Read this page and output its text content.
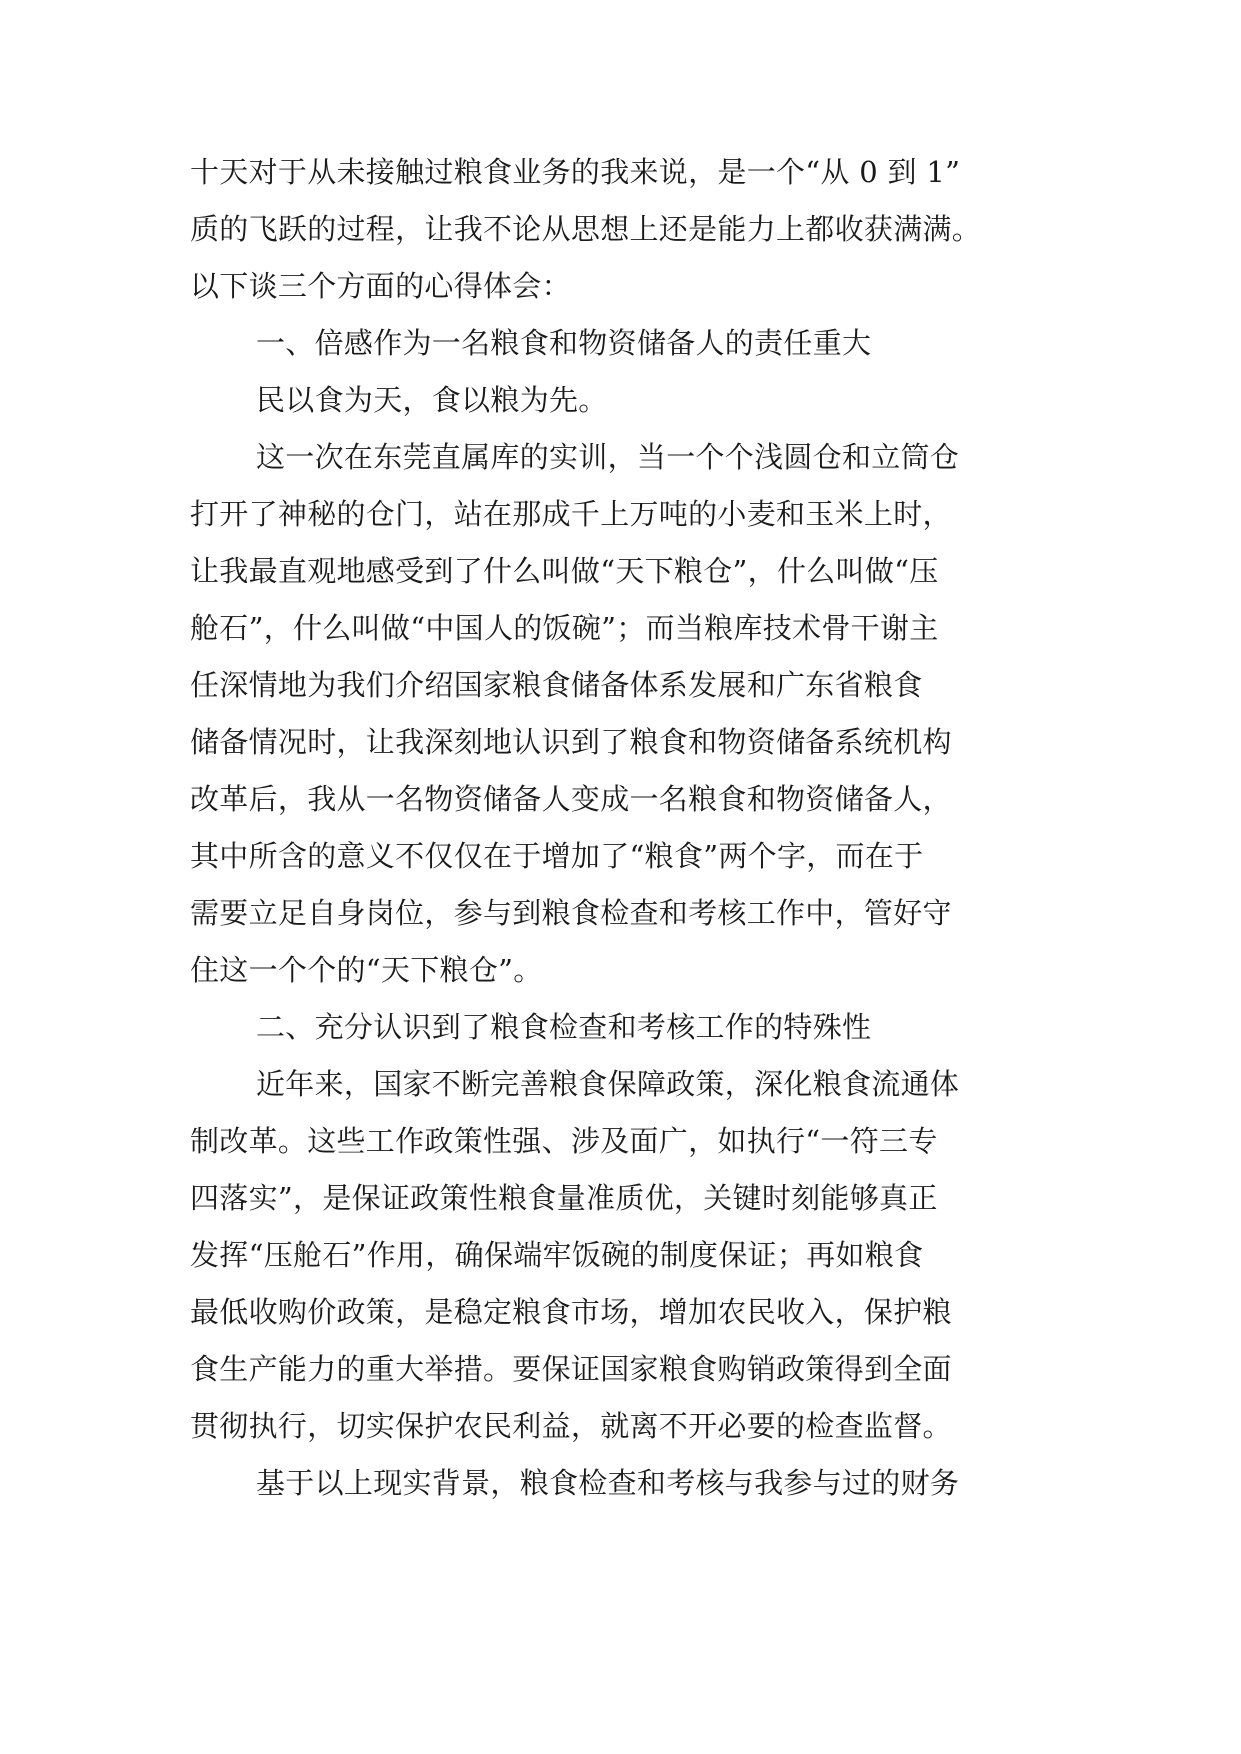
十天对于从未接触过粮食业务的我来说，是一个“从 0 到 1”
质的飞跃的过程，让我不论从思想上还是能力上都收获满满。
以下谈三个方面的心得体会：
一、倍感作为一名粮食和物资储备人的责任重大
民以食为天，食以粮为先。
这一次在东莞直属库的实训，当一个个浅圆仓和立筒仓
打开了神秘的仓门，站在那成千上万吨的小麦和玉米上时，
让我最直观地感受到了什么叫做“天下粮仓”，什么叫做“压
舱石”，什么叫做“中国人的饭碗”；而当粮库技术骨干谢主
任深情地为我们介绍国家粮食储备体系发展和广东省粮食
储备情况时，让我深刻地认识到了粮食和物资储备系统机构
改革后，我从一名物资储备人变成一名粮食和物资储备人，
其中所含的意义不仅仅在于增加了“粮食”两个字，而在于
需要立足自身岗位，参与到粮食检查和考核工作中，管好守
住这一个个的“天下粮仓”。
二、充分认识到了粮食检查和考核工作的特殊性
近年来，国家不断完善粮食保障政策，深化粮食流通体
制改革。这些工作政策性强、涉及面广，如执行“一符三专
四落实”，是保证政策性粮食量准质优，关键时刻能够真正
发挥“压舱石”作用，确保端牢饭碗的制度保证；再如粮食
最低收购价政策，是稳定粮食市场，增加农民收入，保护粮
食生产能力的重大举措。要保证国家粮食购销政策得到全面
贯彻执行，切实保护农民利益，就离不开必要的检查监督。
基于以上现实背景，粮食检查和考核与我参与过的财务
